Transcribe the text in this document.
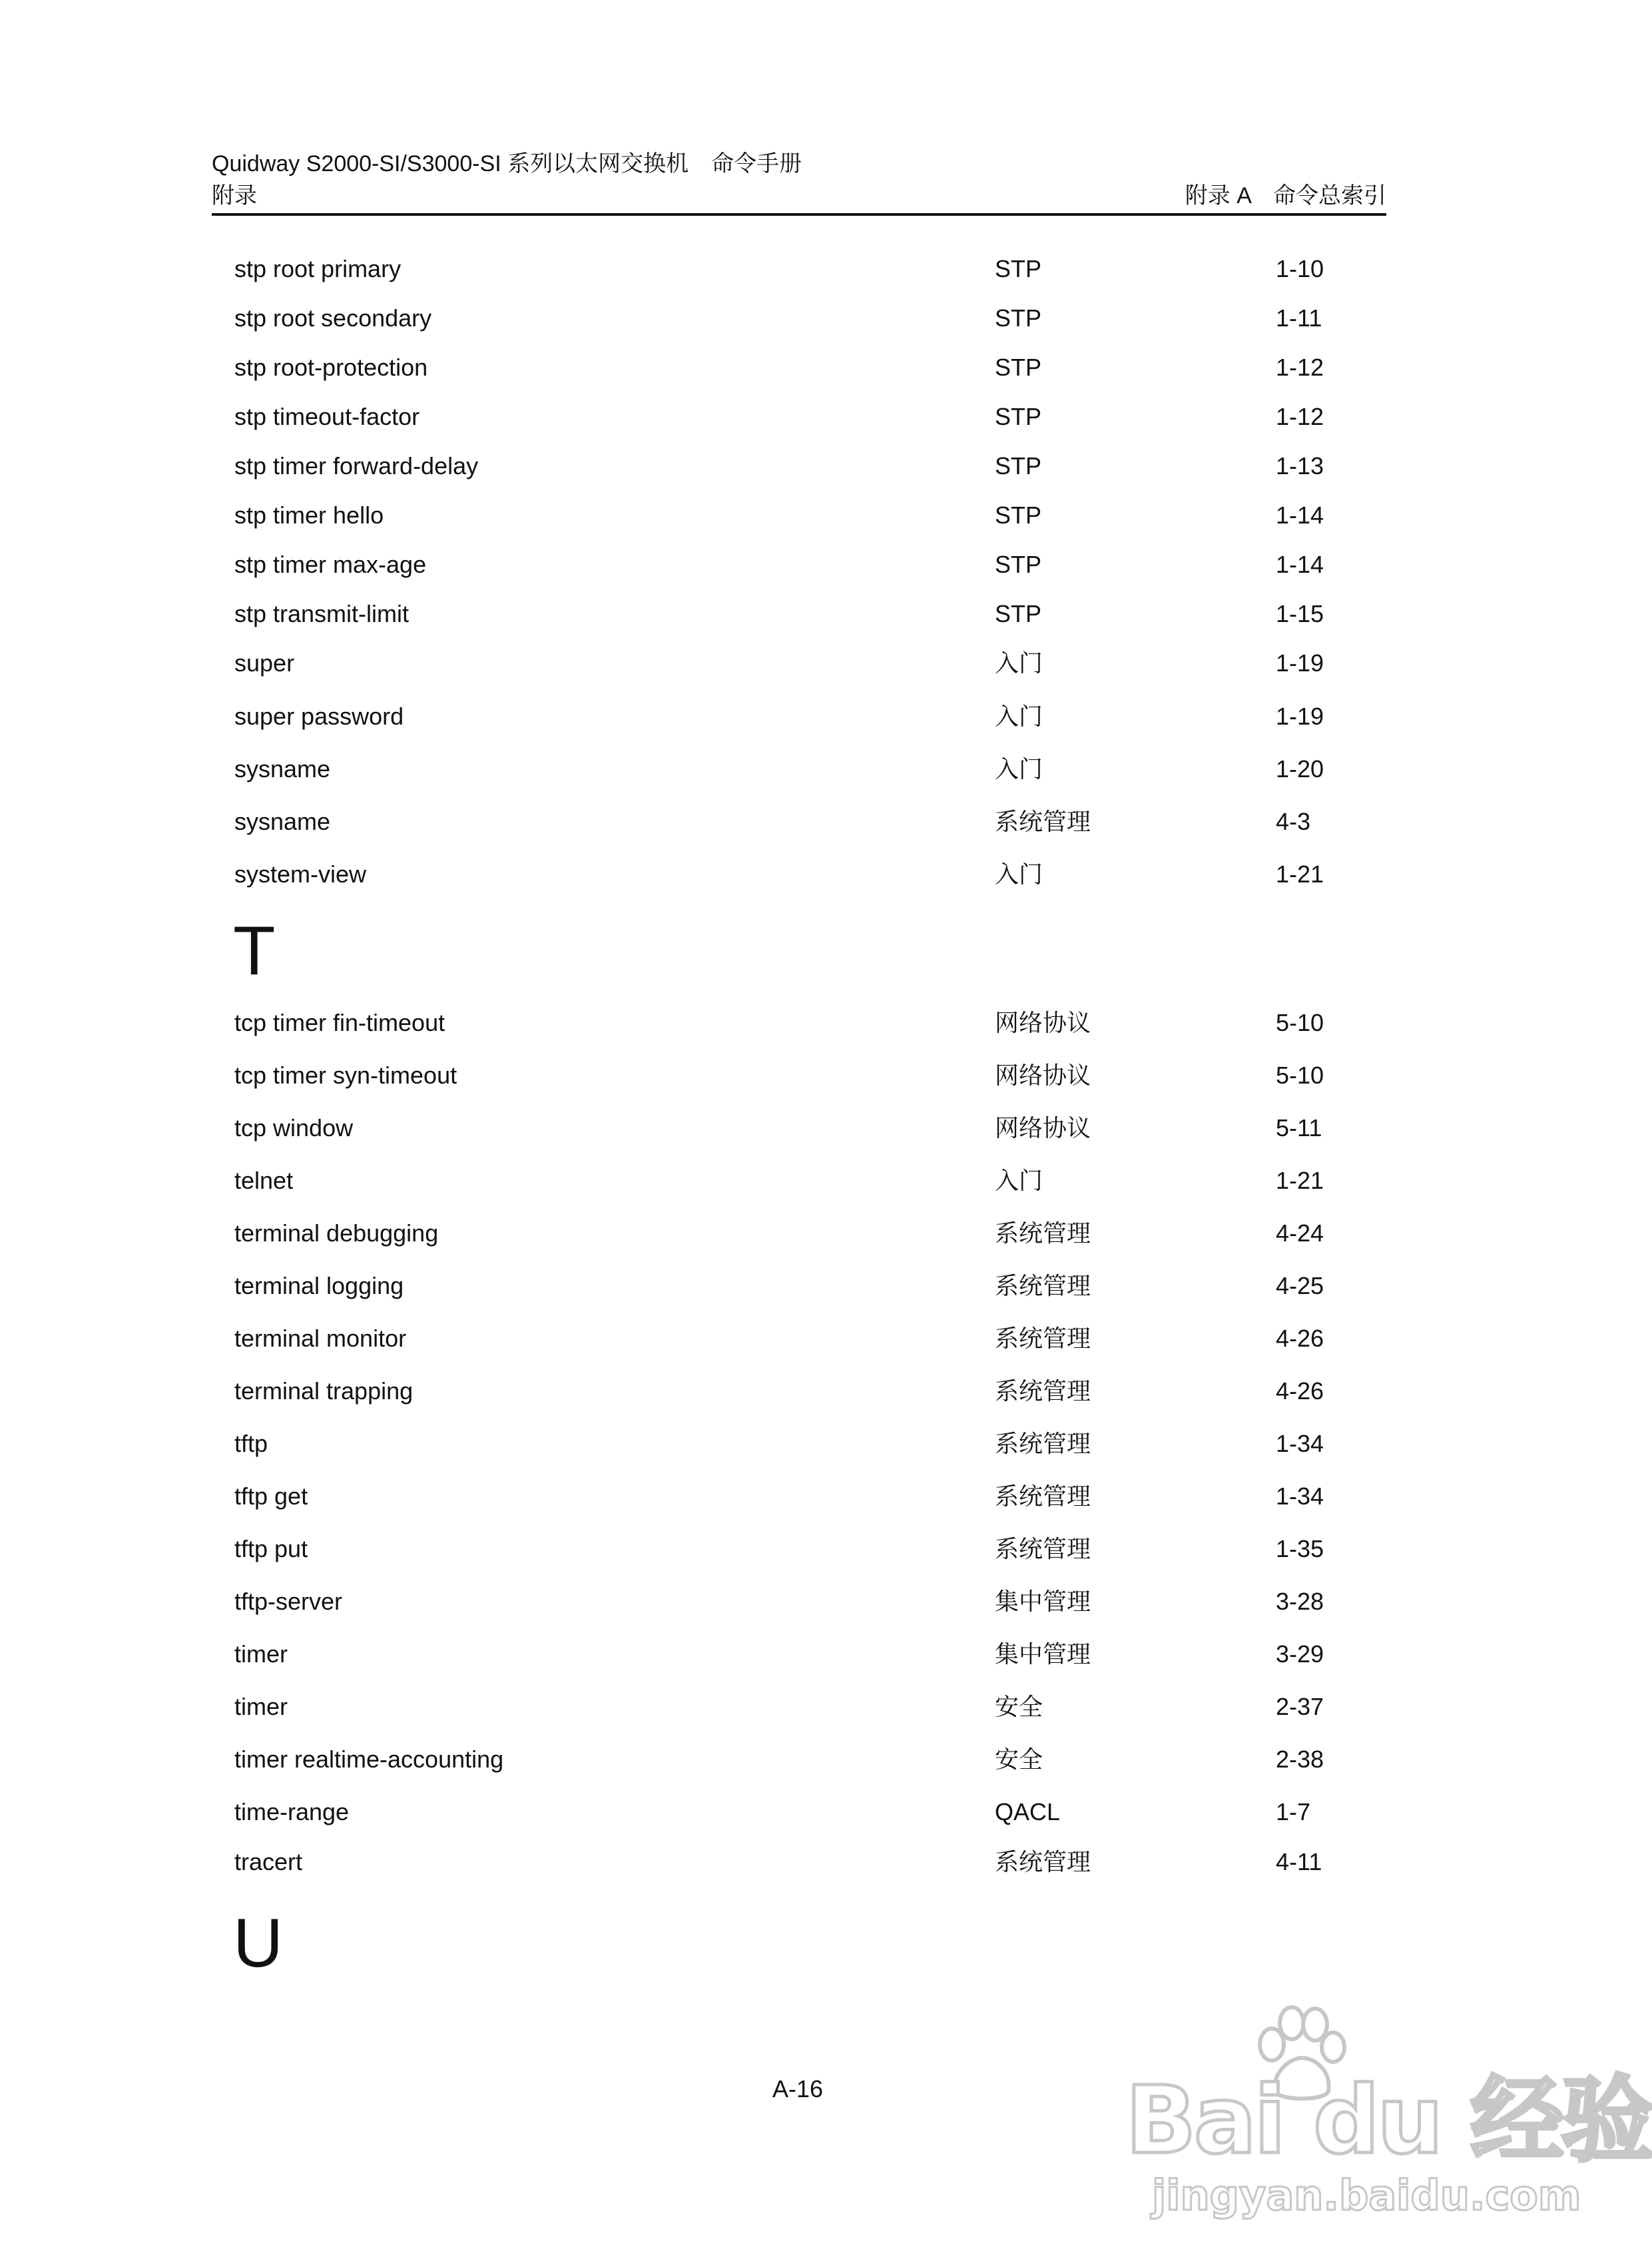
Quidway S2000-SI/S3000-SI 系列以太网交换机　命令手册
附录	附录 A　命令总索引
stp root primary	STP	1-10
stp root secondary	STP	1-11
stp root-protection	STP	1-12
stp timeout-factor	STP	1-12
stp timer forward-delay	STP	1-13
stp timer hello	STP	1-14
stp timer max-age	STP	1-14
stp transmit-limit	STP	1-15
super	入门	1-19
super password	入门	1-19
sysname	入门	1-20
sysname	系统管理	4-3
system-view	入门	1-21
T
tcp timer fin-timeout	网络协议	5-10
tcp timer syn-timeout	网络协议	5-10
tcp window	网络协议	5-11
telnet	入门	1-21
terminal debugging	系统管理	4-24
terminal logging	系统管理	4-25
terminal monitor	系统管理	4-26
terminal trapping	系统管理	4-26
tftp	系统管理	1-34
tftp get	系统管理	1-34
tftp put	系统管理	1-35
tftp-server	集中管理	3-28
timer	集中管理	3-29
timer	安全	2-37
timer realtime-accounting	安全	2-38
time-range	QACL	1-7
tracert	系统管理	4-11
U
A-16	Bai du 经验
jingyan.baidu.com
